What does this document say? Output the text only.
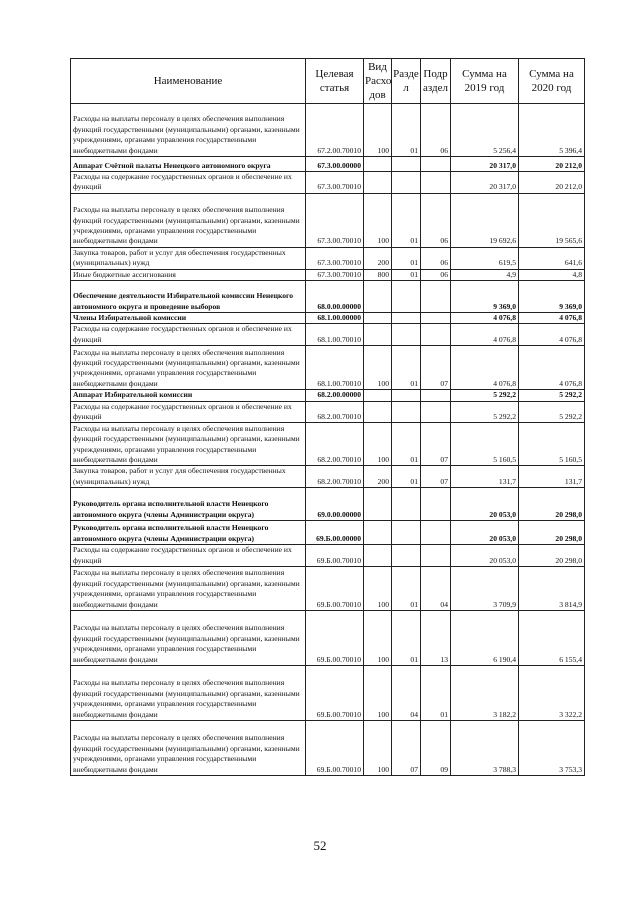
Наименование	Целевая статья	Вид Расхо дов	Разде л	Подр аздел	Сумма на 2019 год	Сумма на 2020 год
Расходы на выплаты персоналу в целях обеспечения выполнения функций государственными (муниципальными) органами, казенными учреждениями, органами управления государственными внебюджетными фондами	67.2.00.70010	100	01	06	5 256,4	5 396,4
Аппарат Счётной палаты Ненецкого автономного округа	67.3.00.00000				20 317,0	20 212,0
Расходы на содержание государственных органов и обеспечение их функций	67.3.00.70010				20 317,0	20 212,0
Расходы на выплаты персоналу в целях обеспечения выполнения функций государственными (муниципальными) органами, казенными учреждениями, органами управления государственными внебюджетными фондами	67.3.00.70010	100	01	06	19 692,6	19 565,6
Закупка товаров, работ и услуг для обеспечения государственных (муниципальных) нужд	67.3.00.70010	200	01	06	619,5	641,6
Иные бюджетные ассигнования	67.3.00.70010	800	01	06	4,9	4,8
Обеспечение деятельности Избирательной комиссии Ненецкого автономного округа и проведение выборов	68.0.00.00000				9 369,0	9 369,0
Члены Избирательной комиссии	68.1.00.00000				4 076,8	4 076,8
Расходы на содержание государственных органов и обеспечение их функций	68.1.00.70010				4 076,8	4 076,8
Расходы на выплаты персоналу в целях обеспечения выполнения функций государственными (муниципальными) органами, казенными учреждениями, органами управления государственными внебюджетными фондами	68.1.00.70010	100	01	07	4 076,8	4 076,8
Аппарат Избирательной комиссии	68.2.00.00000				5 292,2	5 292,2
Расходы на содержание государственных органов и обеспечение их функций	68.2.00.70010				5 292,2	5 292,2
Расходы на выплаты персоналу в целях обеспечения выполнения функций государственными (муниципальными) органами, казенными учреждениями, органами управления государственными внебюджетными фондами	68.2.00.70010	100	01	07	5 160,5	5 160,5
Закупка товаров, работ и услуг для обеспечения государственных (муниципальных) нужд	68.2.00.70010	200	01	07	131,7	131,7
Руководитель органа исполнительной власти Ненецкого автономного округа (члены Администрации округа)	69.0.00.00000				20 053,0	20 298,0
Руководитель органа исполнительной власти Ненецкого автономного округа (члены Администрации округа)	69.Б.00.00000				20 053,0	20 298,0
Расходы на содержание государственных органов и обеспечение их функций	69.Б.00.70010				20 053,0	20 298,0
Расходы на выплаты персоналу в целях обеспечения выполнения функций государственными (муниципальными) органами, казенными учреждениями, органами управления государственными внебюджетными фондами	69.Б.00.70010	100	01	04	3 709,9	3 814,9
Расходы на выплаты персоналу в целях обеспечения выполнения функций государственными (муниципальными) органами, казенными учреждениями, органами управления государственными внебюджетными фондами	69.Б.00.70010	100	01	13	6 190,4	6 155,4
Расходы на выплаты персоналу в целях обеспечения выполнения функций государственными (муниципальными) органами, казенными учреждениями, органами управления государственными внебюджетными фондами	69.Б.00.70010	100	04	01	3 182,2	3 322,2
Расходы на выплаты персоналу в целях обеспечения выполнения функций государственными (муниципальными) органами, казенными учреждениями, органами управления государственными внебюджетными фондами	69.Б.00.70010	100	07	09	3 788,3	3 753,3
52
